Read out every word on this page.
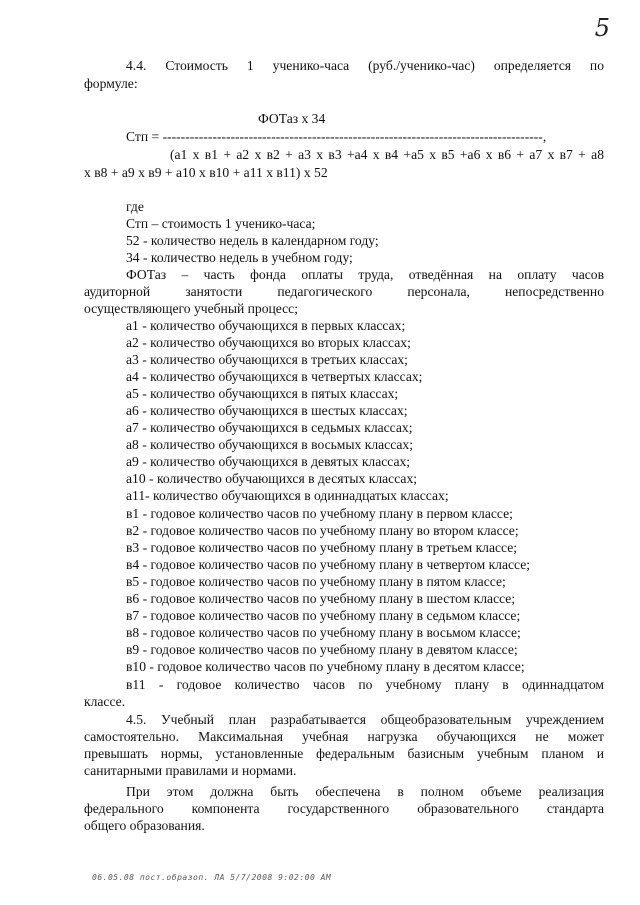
5
4.4. Стоимость 1 ученико-часа (руб./ученико-час) определяется по
формуле:
ФОТаз х 34
Стп = ------------------------------------------------------------------------------------,
(а1 х в1 + а2 х в2 + а3 х в3 +а4 х в4 +а5 х в5 +а6 х в6 + а7 х в7 + а8
х в8 + а9 х в9 + а10 х в10 + а11 х в11) х 52
где
Стп – стоимость 1 ученико-часа;
52 - количество недель в календарном году;
34 - количество недель в учебном году;
ФОТаз – часть фонда оплаты труда, отведённая на оплату часов
аудиторной занятости педагогического персонала, непосредственно
осуществляющего учебный процесс;
а1 - количество обучающихся в первых классах;
а2 - количество обучающихся во вторых классах;
а3 - количество обучающихся в третьих классах;
а4 - количество обучающихся в четвертых классах;
а5 - количество обучающихся в пятых классах;
а6 - количество обучающихся в шестых классах;
а7 - количество обучающихся в седьмых классах;
а8 - количество обучающихся в восьмых классах;
а9 - количество обучающихся в девятых классах;
а10 - количество обучающихся в десятых классах;
а11- количество обучающихся в одиннадцатых классах;
в1 - годовое количество часов по учебному плану в первом классе;
в2 - годовое количество часов по учебному плану во втором классе;
в3 - годовое количество часов по учебному плану в третьем классе;
в4 - годовое количество часов по учебному плану в четвертом классе;
в5 - годовое количество часов по учебному плану в пятом классе;
в6 - годовое количество часов по учебному плану в шестом классе;
в7 - годовое количество часов по учебному плану в седьмом классе;
в8 - годовое количество часов по учебному плану в восьмом классе;
в9 - годовое количество часов по учебному плану в девятом классе;
в10 - годовое количество часов по учебному плану в десятом классе;
в11 - годовое количество часов по учебному плану в одиннадцатом
классе.
4.5. Учебный план разрабатывается общеобразовательным учреждением
самостоятельно. Максимальная учебная нагрузка обучающихся не может
превышать нормы, установленные федеральным базисным учебным планом и
санитарными правилами и нормами.
При этом должна быть обеспечена в полном объеме реализация
федерального компонента государственного образовательного стандарта
общего образования.
06.05.08 пост.образоп. ЛА 5/7/2008 9:02:00 AM
